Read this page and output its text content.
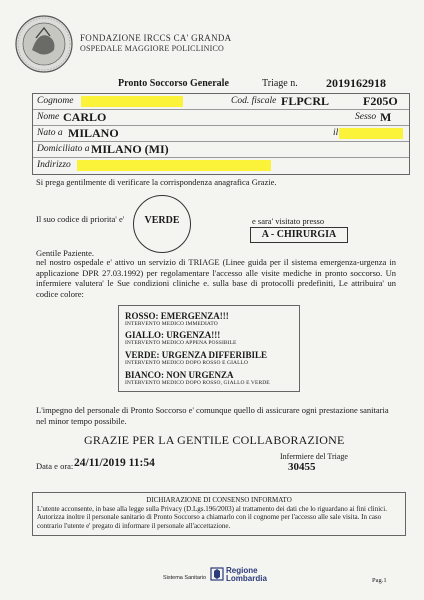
FONDAZIONE IRCCS CA' GRANDA
OSPEDALE MAGGIORE POLICLINICO
Pronto Soccorso Generale	Triage n. 2019162918
Cognome	Cod. fiscale FLPCRL	F205O
Nome CARLO	Sesso M
Nato a MILANO	il
Domiciliato a MILANO (MI)
Indirizzo
Si prega gentilmente di verificare la corrispondenza anagrafica Grazie.
Il suo codice di priorita' e'	VERDE	e sara' visitato presso
A - CHIRURGIA
Gentile Paziente.
nel nostro ospedale e' attivo un servizio di TRIAGE (Linee guida per il sistema emergenza-urgenza in applicazione DPR 27.03.1992) per regolamentare l'accesso alle visite mediche in pronto soccorso. Un infermiere valutera' le Sue condizioni cliniche e. sulla base di protocolli predefiniti, Le attribuira' un codice colore:
ROSSO: EMERGENZA!!!
INTERVENTO MEDICO IMMEDIATO
GIALLO: URGENZA!!!
INTERVENTO MEDICO APPENA POSSIBILE
VERDE: URGENZA DIFFERIBILE
INTERVENTO MEDICO DOPO ROSSO E GIALLO
BIANCO: NON URGENZA
INTERVENTO MEDICO DOPO ROSSO, GIALLO E VERDE
L'impegno del personale di Pronto Soccorso e' comunque quello di assicurare ogni prestazione sanitaria nel minor tempo possibile.
GRAZIE PER LA GENTILE COLLABORAZIONE
Infermiere del Triage
30455
Data e ora: 24/11/2019 11:54
DICHIARAZIONE DI CONSENSO INFORMATO
L'utente acconsente, in base alla legge sulla Privacy (D.Lgs.196/2003) al trattamento dei dati che lo riguardano ai fini clinici. Autorizza inoltre il personale sanitario di Pronto Soccorso a chiamarlo con il cognome per l'accesso alle sale visita. In caso contrario l'utente e' pregato di informare il personale all'accettazione.
Sistema Sanitario
Regione
Lombardia	Pag.1
